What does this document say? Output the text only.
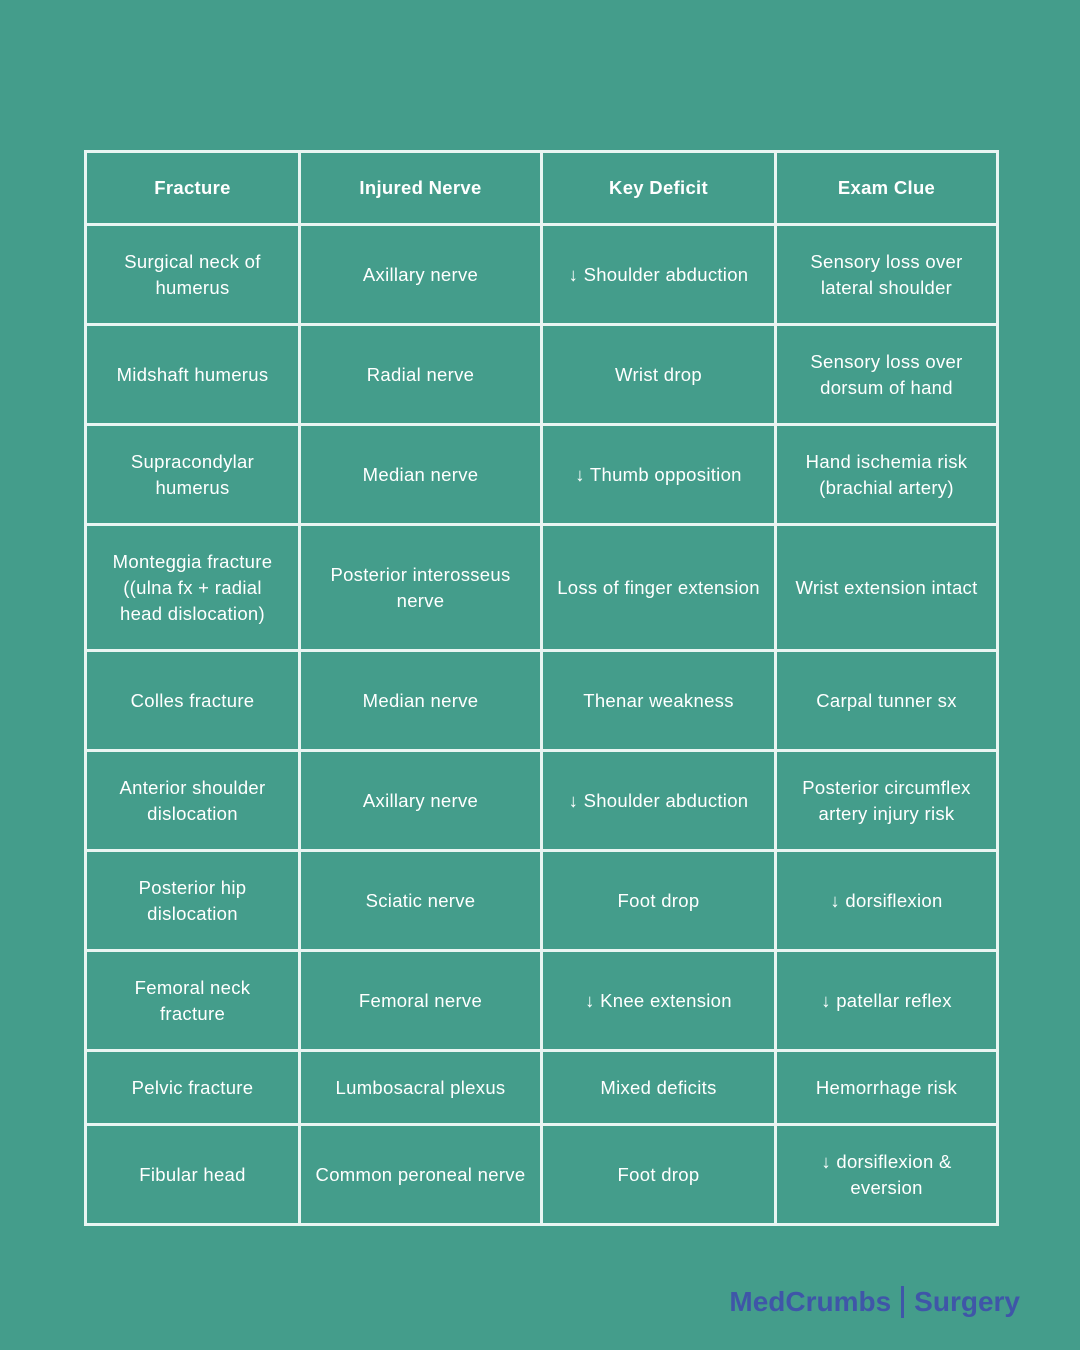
Fracture	Injured Nerve	Key Deficit	Exam Clue
Surgical neck of humerus	Axillary nerve	↓ Shoulder abduction	Sensory loss over lateral shoulder
Midshaft humerus	Radial nerve	Wrist drop	Sensory loss over dorsum of hand
Supracondylar humerus	Median nerve	↓ Thumb opposition	Hand ischemia risk (brachial artery)
Monteggia fracture ((ulna fx + radial head dislocation)	Posterior interosseus nerve	Loss of finger extension	Wrist extension intact
Colles fracture	Median nerve	Thenar weakness	Carpal tunner sx
Anterior shoulder dislocation	Axillary nerve	↓ Shoulder abduction	Posterior circumflex artery injury risk
Posterior hip dislocation	Sciatic nerve	Foot drop	↓ dorsiflexion
Femoral neck fracture	Femoral nerve	↓ Knee extension	↓ patellar reflex
Pelvic fracture	Lumbosacral plexus	Mixed deficits	Hemorrhage risk
Fibular head	Common peroneal nerve	Foot drop	↓ dorsiflexion & eversion
MedCrumbs Surgery
